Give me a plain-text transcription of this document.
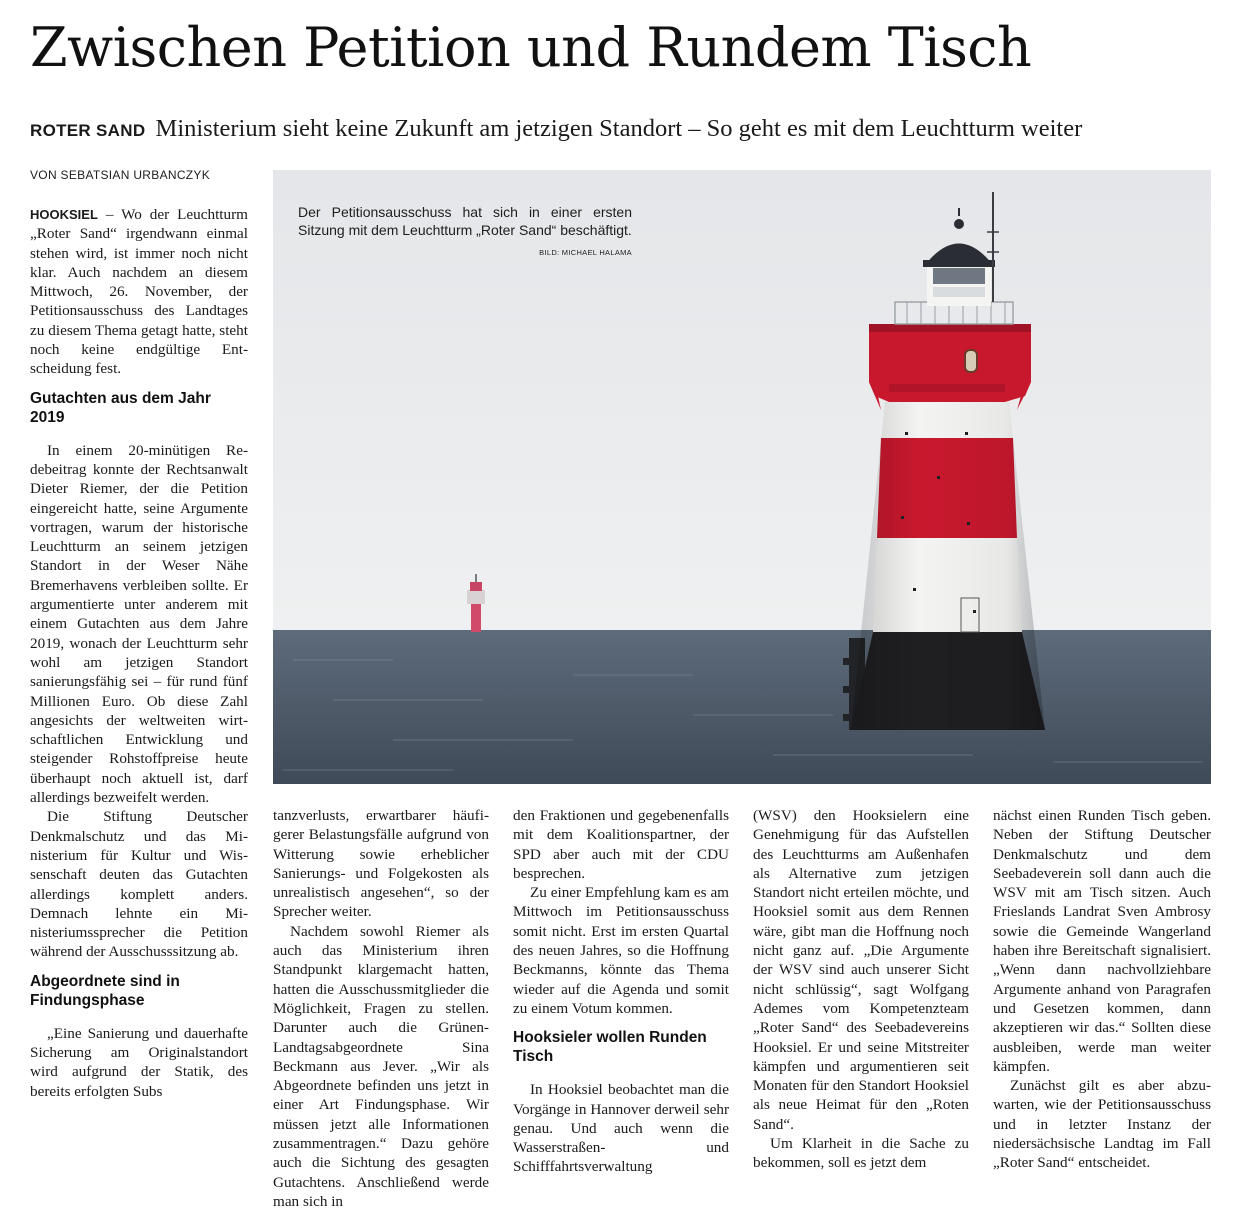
Zwischen Petition und Rundem Tisch
ROTER SAND Ministerium sieht keine Zukunft am jetzigen Standort – So geht es mit dem Leuchtturm weiter
VON SEBATSIAN URBANCZYK

HOOKSIEL – Wo der Leuchtturm „Roter Sand“ irgendwann einmal stehen wird, ist immer noch nicht klar. Auch nachdem an diesem Mittwoch, 26. November, der Petitionsausschuss des Landtages zu diesem Thema getagt hatte, steht noch keine endgültige Entscheidung fest.

Gutachten aus dem Jahr 2019

In einem 20-minütigen Redebeitrag konnte der Rechtsanwalt Dieter Riemer, der die Petition eingereicht hatte, seine Argumente vortragen, warum der historische Leuchtturm an seinem jetzigen Standort in der Weser Nähe Bremerhavens verbleiben sollte. Er argumentierte unter anderem mit einem Gutachten aus dem Jahre 2019, wonach der Leuchtturm sehr wohl am jetzigen Standort sanierungsfähig sei – für rund fünf Millionen Euro. Ob diese Zahl angesichts der weltweiten wirtschaftlichen Entwicklung und steigender Rohstoffpreise heute überhaupt noch aktuell ist, darf allerdings bezweifelt werden.

Die Stiftung Deutscher Denkmalschutz und das Ministerium für Kultur und Wissenschaft deuten das Gutachten allerdings komplett anders. Demnach lehnte ein Ministeriumssprecher die Petition während der Ausschusssitzung ab.

Abgeordnete sind in Findungsphase

„Eine Sanierung und dauerhafte Sicherung am Originalstandort wird aufgrund der Statik, des bereits erfolgten Subs

Der Petitionsausschuss hat sich in einer ersten Sitzung mit dem Leuchtturm „Roter Sand“ beschäftigt.
BILD: MICHAEL HALAMA

tanzverlusts, erwartbarer häufigerer Belastungsfälle aufgrund von Witterung sowie erheblicher Sanierungs- und Folgekosten als unrealistisch angesehen“, so der Sprecher weiter.

Nachdem sowohl Riemer als auch das Ministerium ihren Standpunkt klargemacht hatten, hatten die Ausschussmitglieder die Möglichkeit, Fragen zu stellen. Darunter auch die Grünen-Landtagsabgeordnete Sina Beckmann aus Jever. „Wir als Abgeordnete befinden uns jetzt in einer Art Findungsphase. Wir müssen jetzt alle Informationen zusammentragen.“ Dazu gehöre auch die Sichtung des gesagten Gutachtens. Anschließend werde man sich in

den Fraktionen und gegebenenfalls mit dem Koalitionspartner, der SPD aber auch mit der CDU besprechen.

Zu einer Empfehlung kam es am Mittwoch im Petitionsausschuss somit nicht. Erst im ersten Quartal des neuen Jahres, so die Hoffnung Beckmanns, könnte das Thema wieder auf die Agenda und somit zu einem Votum kommen.

Hooksieler wollen Runden Tisch

In Hooksiel beobachtet man die Vorgänge in Hannover derweil sehr genau. Und auch wenn die Wasserstraßen- und Schifffahrtsverwaltung

(WSV) den Hooksielern eine Genehmigung für das Aufstellen des Leuchtturms am Außenhafen als Alternative zum jetzigen Standort nicht erteilen möchte, und Hooksiel somit aus dem Rennen wäre, gibt man die Hoffnung noch nicht ganz auf. „Die Argumente der WSV sind auch unserer Sicht nicht schlüssig“, sagt Wolfgang Ademes vom Kompetenzteam „Roter Sand“ des Seebadevereins Hooksiel. Er und seine Mitstreiter kämpfen und argumentieren seit Monaten für den Standort Hooksiel als neue Heimat für den „Roten Sand“.

Um Klarheit in die Sache zu bekommen, soll es jetzt dem

nächst einen Runden Tisch geben. Neben der Stiftung Deutscher Denkmalschutz und dem Seebadeverein soll dann auch die WSV mit am Tisch sitzen. Auch Frieslands Landrat Sven Ambrosy sowie die Gemeinde Wangerland haben ihre Bereitschaft signalisiert. „Wenn dann nachvollziehbare Argumente anhand von Paragrafen und Gesetzen kommen, dann akzeptieren wir das.“ Sollten diese ausbleiben, werde man weiter kämpfen.

Zunächst gilt es aber abzuwarten, wie der Petitionsausschuss und in letzter Instanz der niedersächsische Landtag im Fall „Roter Sand“ entscheidet.
